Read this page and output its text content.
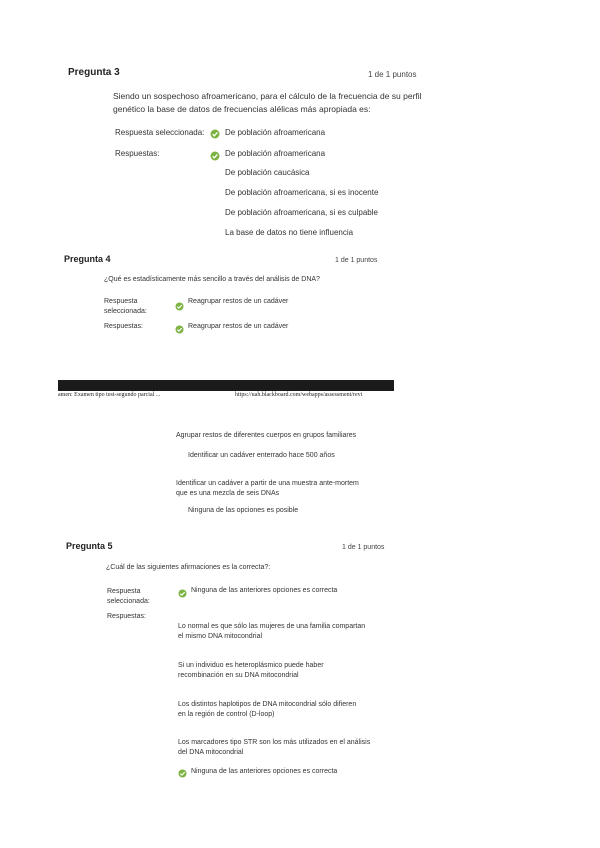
Pregunta 3	1 de 1 puntos
Siendo un sospechoso afroamericano, para el cálculo de la frecuencia de su perfil
genético la base de datos de frecuencias alélicas más apropiada es:
Respuesta seleccionada:	De población afroamericana
Respuestas:	De población afroamericana
De población caucásica
De población afroamericana, si es inocente
De población afroamericana, si es culpable
La base de datos no tiene influencia
Pregunta 4	1 de 1 puntos
¿Qué es estadísticamente más sencillo a través del análisis de DNA?
Respuesta
seleccionada:
Reagrupar restos de un cadáver
Respuestas:	Reagrupar restos de un cadáver
amen: Examen tipo test-segundo parcial ...	https://uah.blackboard.com/webapps/assessment/revi
Agrupar restos de diferentes cuerpos en grupos familiares
Identificar un cadáver enterrado hace 500 años
Identificar un cadáver a partir de una muestra ante-mortem
que es una mezcla de seis DNAs
Ninguna de las opciones es posible
Pregunta 5	1 de 1 puntos
¿Cuál de las siguientes afirmaciones es la correcta?:
Respuesta
seleccionada:
Ninguna de las anteriores opciones es correcta
Respuestas:
Lo normal es que sólo las mujeres de una familia compartan
el mismo DNA mitocondrial
Si un individuo es heteroplásmico puede haber
recombinación en su DNA mitocondrial
Los distintos haplotipos de DNA mitocondrial sólo difieren
en la región de control (D-loop)
Los marcadores tipo STR son los más utilizados en el análisis
del DNA mitocondrial
Ninguna de las anteriores opciones es correcta
